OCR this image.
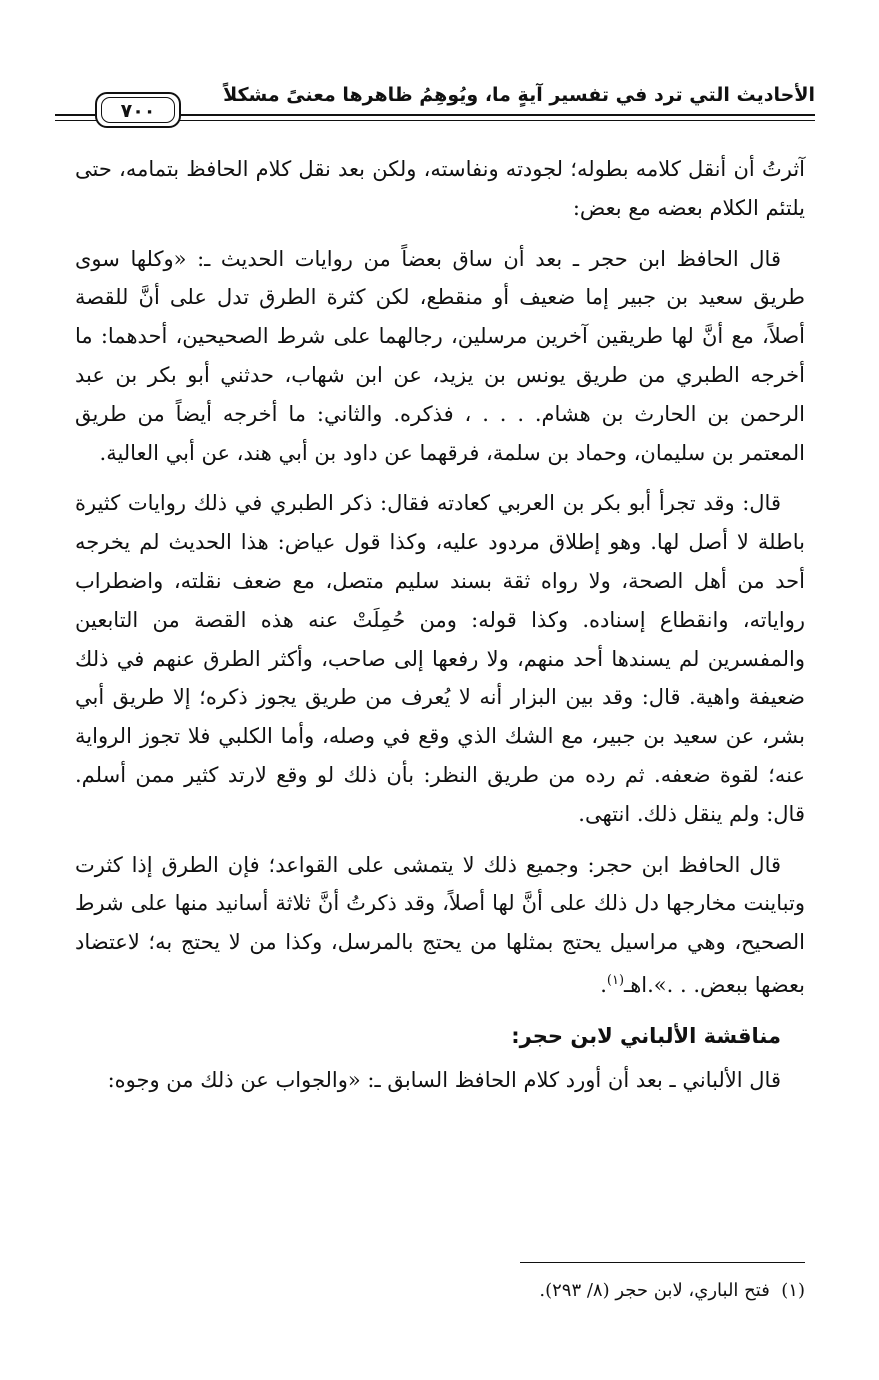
الأحاديث التي ترد في تفسير آيةٍ ما، ويُوهِمُ ظاهرها معنىً مشكلاً
٧٠٠

آثرتُ أن أنقل كلامه بطوله؛ لجودته ونفاسته، ولكن بعد نقل كلام الحافظ بتمامه، حتى يلتئم الكلام بعضه مع بعض:

قال الحافظ ابن حجر ـ بعد أن ساق بعضاً من روايات الحديث ـ: «وكلها سوى طريق سعيد بن جبير إما ضعيف أو منقطع، لكن كثرة الطرق تدل على أنَّ للقصة أصلاً، مع أنَّ لها طريقين آخرين مرسلين، رجالهما على شرط الصحيحين، أحدهما: ما أخرجه الطبري من طريق يونس بن يزيد، عن ابن شهاب، حدثني أبو بكر بن عبد الرحمن بن الحارث بن هشام. . . . ، فذكره. والثاني: ما أخرجه أيضاً من طريق المعتمر بن سليمان، وحماد بن سلمة، فرقهما عن داود بن أبي هند، عن أبي العالية.

قال: وقد تجرأ أبو بكر بن العربي كعادته فقال: ذكر الطبري في ذلك روايات كثيرة باطلة لا أصل لها. وهو إطلاق مردود عليه، وكذا قول عياض: هذا الحديث لم يخرجه أحد من أهل الصحة، ولا رواه ثقة بسند سليم متصل، مع ضعف نقلته، واضطراب رواياته، وانقطاع إسناده. وكذا قوله: ومن حُمِلَتْ عنه هذه القصة من التابعين والمفسرين لم يسندها أحد منهم، ولا رفعها إلى صاحب، وأكثر الطرق عنهم في ذلك ضعيفة واهية. قال: وقد بين البزار أنه لا يُعرف من طريق يجوز ذكره؛ إلا طريق أبي بشر، عن سعيد بن جبير، مع الشك الذي وقع في وصله، وأما الكلبي فلا تجوز الرواية عنه؛ لقوة ضعفه. ثم رده من طريق النظر: بأن ذلك لو وقع لارتد كثير ممن أسلم. قال: ولم ينقل ذلك. انتهى.

قال الحافظ ابن حجر: وجميع ذلك لا يتمشى على القواعد؛ فإن الطرق إذا كثرت وتباينت مخارجها دل ذلك على أنَّ لها أصلاً، وقد ذكرتُ أنَّ ثلاثة أسانيد منها على شرط الصحيح، وهي مراسيل يحتج بمثلها من يحتج بالمرسل، وكذا من لا يحتج به؛ لاعتضاد بعضها ببعض. . .».اهـ$^{(١)}$.

مناقشة الألباني لابن حجر:

قال الألباني ـ بعد أن أورد كلام الحافظ السابق ـ: «والجواب عن ذلك من وجوه:

(١)  فتح الباري، لابن حجر (٨/ ٢٩٣).
